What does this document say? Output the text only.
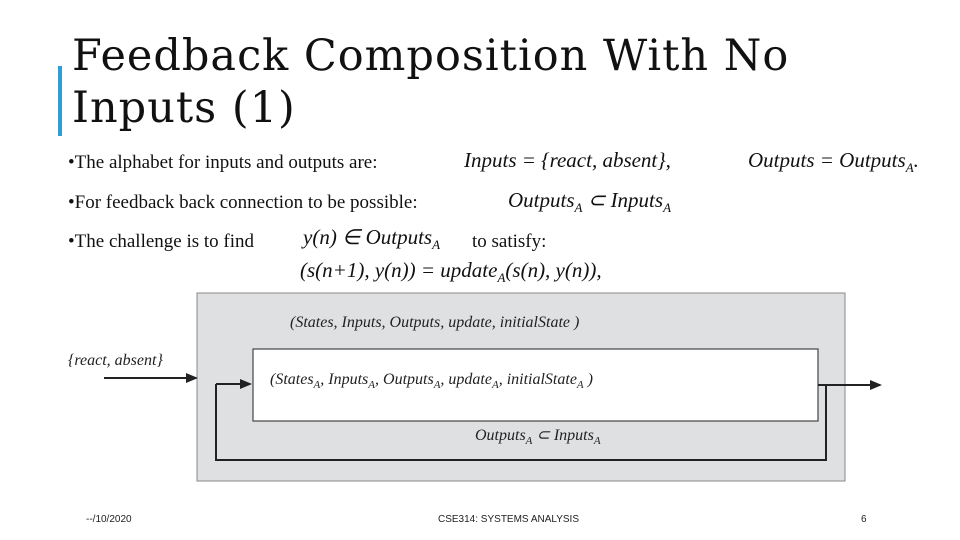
Feedback Composition With No
Inputs (1)
•The alphabet for inputs and outputs are:	Inputs = {react, absent},	Outputs = Outputs$_A$.
•For feedback back connection to be possible:	Outputs$_A$ ⊂ Inputs$_A$
•The challenge is to find y(n) ∈ Outputs$_A$ to satisfy:
(s(n+1), y(n)) = update$_A$(s(n), y(n)),
(States, Inputs, Outputs, update, initialState )
{react, absent}
(States$_A$, Inputs$_A$, Outputs$_A$, update$_A$, initialState$_A$ )
Outputs$_A$ ⊂ Inputs$_A$
--/10/2020	CSE314: SYSTEMS ANALYSIS	6
